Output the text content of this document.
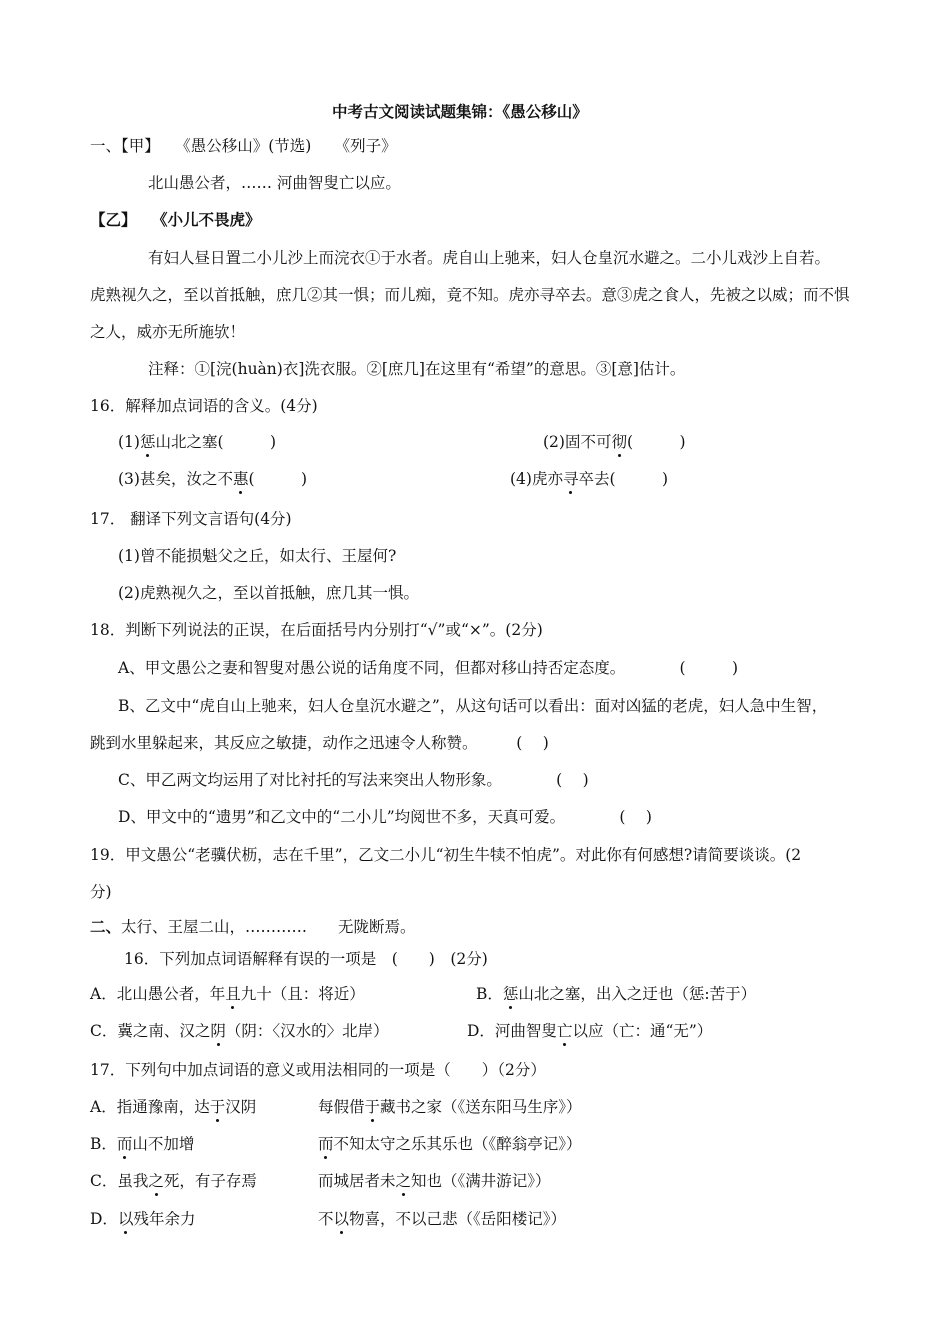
中考古文阅读试题集锦：《愚公移山》
一、【甲】　　《愚公移山》(节选)　　《列子》
北山愚公者，…… 河曲智叟亡以应。
【乙】　　《小儿不畏虎》
有妇人昼日置二小儿沙上而浣衣①于水者。虎自山上驰来，妇人仓皇沉水避之。二小儿戏沙上自若。
虎熟视久之，至以首抵触，庶几②其一惧；而儿痴，竟不知。虎亦寻卒去。意③虎之食人，先被之以威；而不惧
之人，威亦无所施欤！
注释：①[浣(huàn)衣]洗衣服。②[庶几]在这里有“希望”的意思。③[意]估计。
16．解释加点词语的含义。(4分)
(1)惩山北之塞(　　　)	(2)固不可彻(　　　)
(3)甚矣，汝之不惠(　　　)	(4)虎亦寻卒去(　　　)
17． 翻译下列文言语句(4分)
(1)曾不能损魁父之丘，如太行、王屋何?
(2)虎熟视久之，至以首抵触，庶几其一惧。
18．判断下列说法的正误，在后面括号内分别打“√”或“×”。(2分)
A、甲文愚公之妻和智叟对愚公说的话角度不同，但都对移山持否定态度。　　　　(　　　)
B、乙文中“虎自山上驰来，妇人仓皇沉水避之”，从这句话可以看出：面对凶猛的老虎，妇人急中生智，
跳到水里躲起来，其反应之敏捷，动作之迅速令人称赞。　　　(　 )
C、甲乙两文均运用了对比衬托的写法来突出人物形象。　　　　(　 )
D、甲文中的“遗男”和乙文中的“二小儿”均阅世不多，天真可爱。　　　　(　 )
19．甲文愚公“老骥伏枥，志在千里”，乙文二小儿“初生牛犊不怕虎”。对此你有何感想?请简要谈谈。(2
分)
二、太行、王屋二山，…………　　无陇断焉。
16．下列加点词语解释有误的一项是　(　　)　(2分)
A．北山愚公者，年且九十（且：将近）	B．惩山北之塞，出入之迂也（惩:苦于）
C．冀之南、汉之阴（阴：〈汉水的〉北岸）	D．河曲智叟亡以应（亡：通“无”）
17．下列句中加点词语的意义或用法相同的一项是（　　）（2分）
A．指通豫南，达于汉阴	每假借于藏书之家（《送东阳马生序》）
B．而山不加增	而不知太守之乐其乐也（《醉翁亭记》）
C．虽我之死，有子存焉	而城居者未之知也（《满井游记》）
D．以残年余力	不以物喜，不以己悲（《岳阳楼记》）
